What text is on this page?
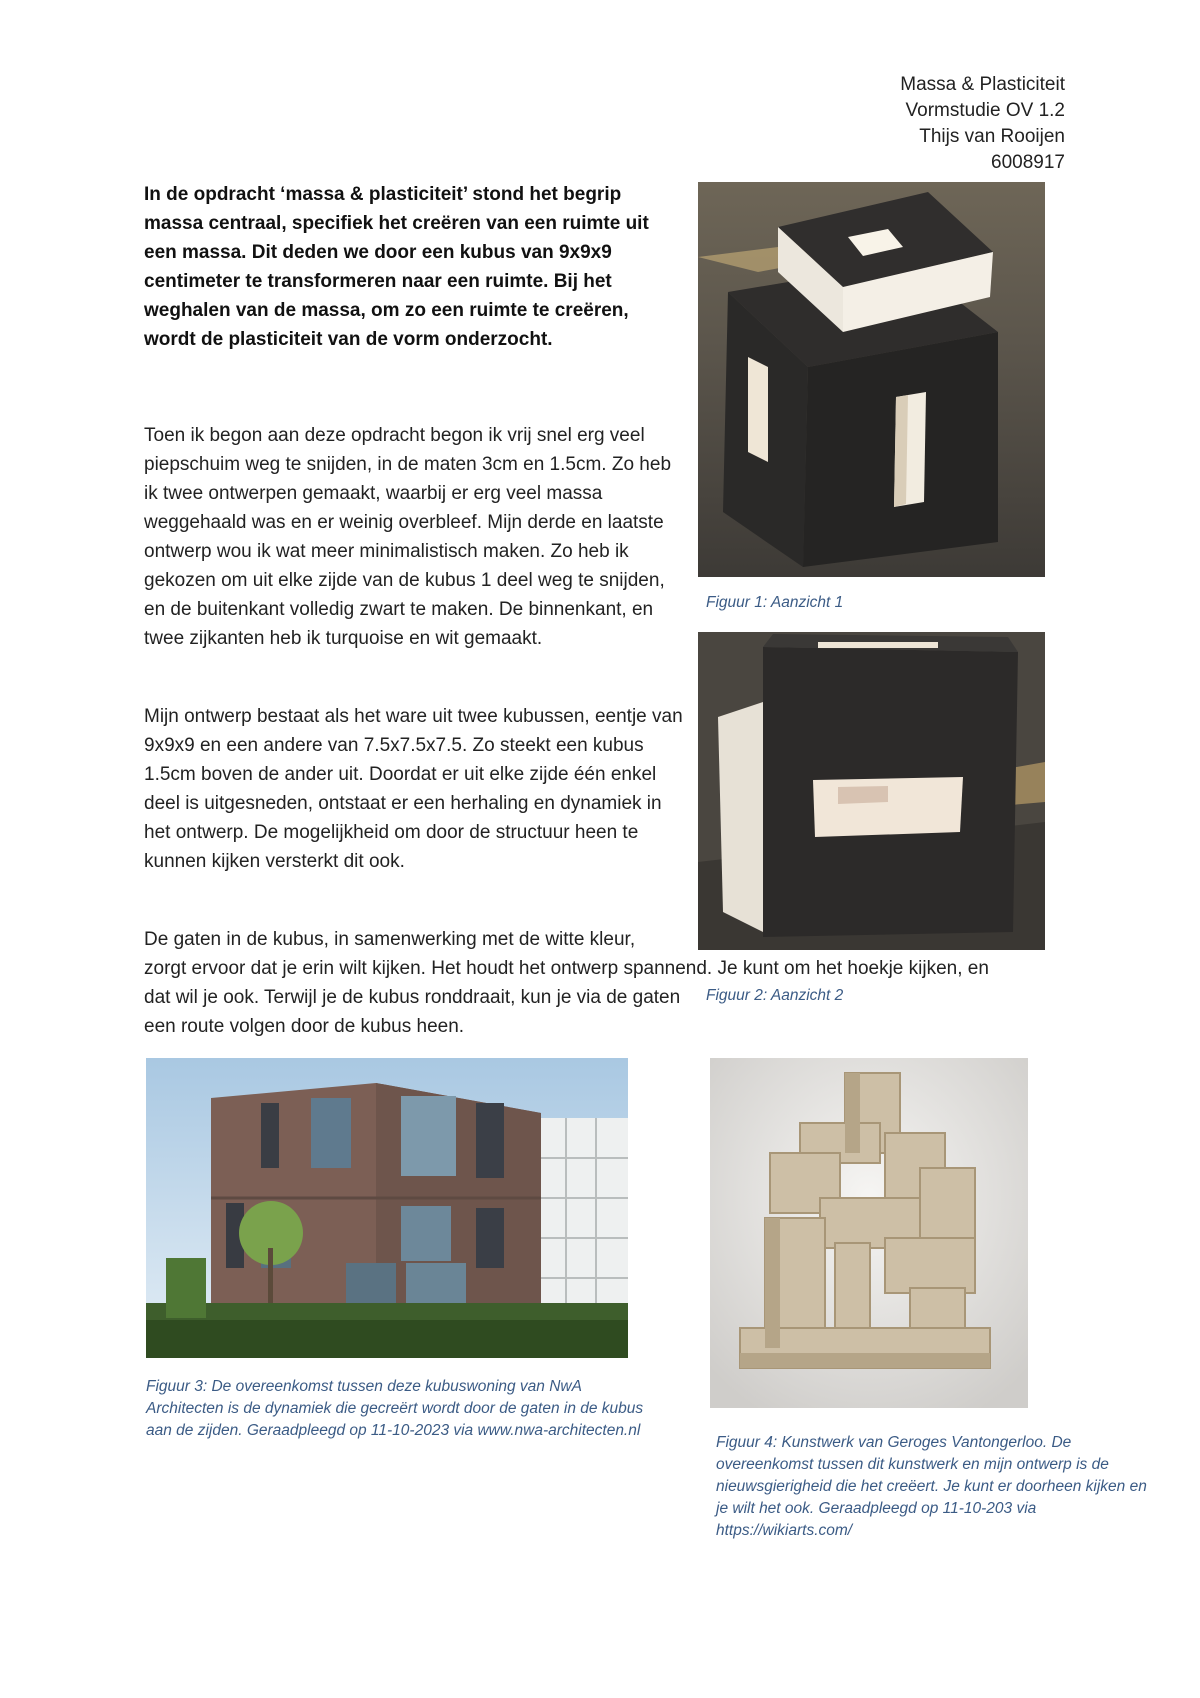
Massa & Plasticiteit
Vormstudie OV 1.2
Thijs van Rooijen
6008917

In de opdracht ‘massa & plasticiteit’ stond het begrip massa centraal, specifiek het creëren van een ruimte uit een massa. Dit deden we door een kubus van 9x9x9 centimeter te transformeren naar een ruimte. Bij het weghalen van de massa, om zo een ruimte te creëren, wordt de plasticiteit van de vorm onderzocht.

Toen ik begon aan deze opdracht begon ik vrij snel erg veel piepschuim weg te snijden, in de maten 3cm en 1.5cm. Zo heb ik twee ontwerpen gemaakt, waarbij er erg veel massa weggehaald was en er weinig overbleef. Mijn derde en laatste ontwerp wou ik wat meer minimalistisch maken. Zo heb ik gekozen om uit elke zijde van de kubus 1 deel weg te snijden, en de buitenkant volledig zwart te maken. De binnenkant, en twee zijkanten heb ik turquoise en wit gemaakt.

Mijn ontwerp bestaat als het ware uit twee kubussen, eentje van 9x9x9 en een andere van 7.5x7.5x7.5. Zo steekt een kubus 1.5cm boven de ander uit. Doordat er uit elke zijde één enkel deel is uitgesneden, ontstaat er een herhaling en dynamiek in het ontwerp. De mogelijkheid om door de structuur heen te kunnen kijken versterkt dit ook.

De gaten in de kubus, in samenwerking met de witte kleur,

zorgt ervoor dat je erin wilt kijken. Het houdt het ontwerp spannend. Je kunt om het hoekje kijken, en

dat wil je ook. Terwijl je de kubus ronddraait, kun je via de gaten een route volgen door de kubus heen.

Figuur 1: Aanzicht 1
Figuur 2: Aanzicht 2
Figuur 3: De overeenkomst tussen deze kubuswoning van NwA Architecten is de dynamiek die gecreërt wordt door de gaten in de kubus aan de zijden. Geraadpleegd op 11-10-2023 via www.nwa-architecten.nl
Figuur 4: Kunstwerk van Geroges Vantongerloo. De overeenkomst tussen dit kunstwerk en mijn ontwerp is de nieuwsgierigheid die het creëert. Je kunt er doorheen kijken en je wilt het ook. Geraadpleegd op 11-10-203 via https://wikiarts.com/
